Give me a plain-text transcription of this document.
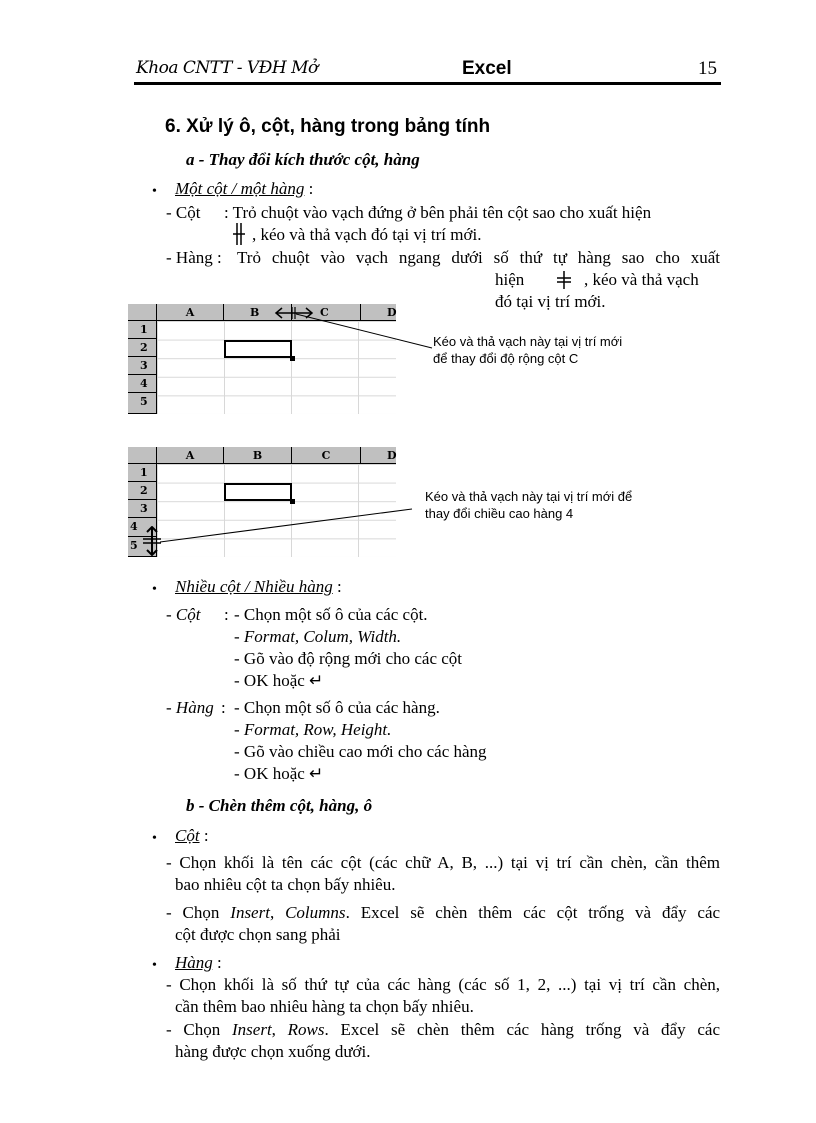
Khoa CNTT - VĐH Mở	Excel	15
6. Xử lý ô, cột, hàng trong bảng tính
a - Thay đổi kích thước cột, hàng
• Một cột / một hàng :
- Cột : Trỏ chuột vào vạch đứng ở bên phải tên cột sao cho xuất hiện
, kéo và thả vạch đó tại vị trí mới.
- Hàng : Trỏ chuột vào vạch ngang dưới số thứ tự hàng sao cho xuất
hiện	, kéo và thả vạch
đó tại vị trí mới.
A	B	C	D
1
2
3
4
5
Kéo và thả vạch này tại vị trí mới
để thay đổi độ rộng cột C
A	B	C	D
1
2
3
4
5
Kéo và thả vạch này tại vị trí mới để
thay đổi chiều cao hàng 4
• Nhiều cột / Nhiều hàng :
- Cột : - Chọn một số ô của các cột.
- Format, Colum, Width.
- Gõ vào độ rộng mới cho các cột
- OK hoặc ↵
- Hàng : - Chọn một số ô của các hàng.
- Format, Row, Height.
- Gõ vào chiều cao mới cho các hàng
- OK hoặc ↵
b - Chèn thêm cột, hàng, ô
• Cột :
- Chọn khối là tên các cột (các chữ A, B, ...) tại vị trí cần chèn, cần thêm
bao nhiêu cột ta chọn bấy nhiêu.
- Chọn Insert, Columns. Excel sẽ chèn thêm các cột trống và đẩy các
cột được chọn sang phải
• Hàng :
- Chọn khối là số thứ tự của các hàng (các số 1, 2, ...) tại vị trí cần chèn,
cần thêm bao nhiêu hàng ta chọn bấy nhiêu.
- Chọn Insert, Rows. Excel sẽ chèn thêm các hàng trống và đẩy các
hàng được chọn xuống dưới.
